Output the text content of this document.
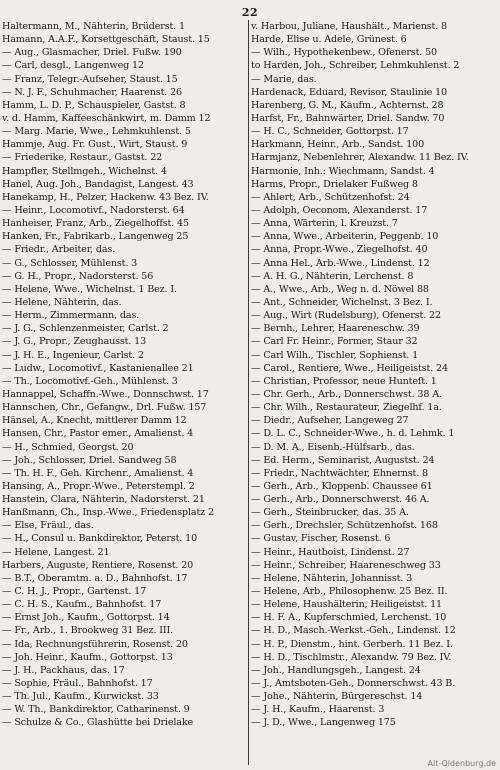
22
Haltermann, M., Nähterin, Brüderst. 1
Hamann, A.A.F., Korsettgeschäft, Staust. 15
— Aug., Glasmacher, Driel. Fußw. 190
— Carl, desgl., Langenweg 12
— Franz, Telegr.-Aufseher, Staust. 15
— N. J. F., Schuhmacher, Haarenst. 26
Hamm, L. D. P., Schauspieler, Gastst. 8
v. d. Hamm, Kaffeeschänkwirt, m. Damm 12
— Marg. Marie, Wwe., Lehmkuhlenst. 5
Hammje, Aug. Fr. Gust., Wirt, Staust. 9
— Friederike, Restaur., Gastst. 22
Hampfler, Stellmgeh., Wichelnst. 4
Hanel, Aug. Joh., Bandagist, Langest. 43
Hanekamp, H., Pelzer, Hackenw. 43 Bez. IV.
— Heinr., Locomotivf., Nadorsterst. 64
Hanheiser, Franz, Arb., Ziegelhoffst. 45
Hanken, Fr., Fabrikarb., Langenweg 25
— Friedr., Arbeiter, das.
— G., Schlosser, Mühlenst. 3
— G. H., Propr., Nadorsterst. 56
— Helene, Wwe., Wichelnst. 1 Bez. I.
— Helene, Nähterin, das.
— Herm., Zimmermann, das.
— J. G., Schlenzenmeister, Carlst. 2
— J. G., Propr., Zeughausst. 13
— J. H. E., Ingenieur, Carlst. 2
— Ludw., Locomotivf., Kastanienallee 21
— Th., Locomotivf.-Geh., Mühlenst. 3
Hannappel, Schaffn.-Wwe., Donnschwst. 17
Hannschen, Chr., Gefangw., Drl. Fußw. 157
Hänsel, A., Knecht, mittlerer Damm 12
Hansen, Chr., Pastor emer., Amalienst. 4
— H., Schmied, Georgst. 20
— Joh., Schlosser, Driel. Sandweg 58
— Th. H. F., Geh. Kirchenr., Amalienst. 4
Hansing, A., Propr.-Wwe., Peterstempl. 2
Hanstein, Clara, Nähterin, Nadorsterst. 21
Hanßmann, Ch., Insp.-Wwe., Friedensplatz 2
— Else, Fräul., das.
— H., Consul u. Bankdirektor, Peterst. 10
— Helene, Langest. 21
Harbers, Auguste, Rentiere, Rosenst. 20
— B.T., Oberamtm. a. D., Bahnhofst. 17
— C. H. J., Propr., Gartenst. 17
— C. H. S., Kaufm., Bahnhofst. 17
— Ernst Joh., Kaufm., Gottorpst. 14
— Fr., Arb., 1. Brookweg 31 Bez. III.
— Ida, Rechnungsführerin, Rosenst. 20
— Joh. Heinr., Kaufm., Gottorpst. 13
— J. H., Packhaus, das. 17
— Sophie, Fräul., Bahnhofst. 17
— Th. Jul., Kaufm., Kurwickst. 33
— W. Th., Bankdirektor, Catharinenst. 9
— Schulze & Co., Glashütte bei Drielake
v. Harbou, Juliane, Haushält., Marienst. 8
Harde, Elise u. Adele, Grünest. 6
— Wilh., Hypothekenbew., Ofenerst. 50
to Harden, Joh., Schreiber, Lehmkuhlenst. 2
— Marie, das.
Hardenack, Eduard, Revisor, Staulinie 10
Harenberg, G. M., Kaufm., Achternst. 28
Harfst, Fr., Bahnwärter, Driel. Sandw. 70
— H. C., Schneider, Gottorpst. 17
Harkmann, Heinr., Arb., Sandst. 100
Harmjanz, Nebenlehrer, Alexandw. 11 Bez. IV.
Harmonie, Inh.: Wiechmann, Sandst. 4
Harms, Propr., Drielaker Fußweg 8
— Ahlert, Arb., Schützenhofst. 24
— Adolph, Oeconom, Alexanderst. 17
— Anna, Wärterin, l. Kreuzst. 7
— Anna, Wwe., Arbeiterin, Peggenb. 10
— Anna, Propr.-Wwe., Ziegelhofst. 40
— Anna Hel., Arb.-Wwe., Lindenst. 12
— A. H. G., Nähterin, Lerchenst. 8
— A., Wwe., Arb., Weg n. d. Nöwel 88
— Ant., Schneider, Wichelnst. 3 Bez. I.
— Aug., Wirt (Rudelsburg), Ofenerst. 22
— Bernh., Lehrer, Haareneschw. 39
— Carl Fr. Heinr., Former, Staur 32
— Carl Wilh., Tischler, Sophienst. 1
— Carol., Rentiere, Wwe., Heiligeistst. 24
— Christian, Professor, neue Hunteſt. 1
— Chr. Gerh., Arb., Donnerschwst. 38 A.
— Chr. Wilh., Restaurateur, Ziegelhf. 1a.
— Diedr., Aufseher, Langeweg 27
— D. L. C., Schneider-Wwe., h. d. Lehmk. 1
— D. M. A., Eisenb.-Hülfsarb., das.
— Ed. Herm., Seminarist, Augustst. 24
— Friedr., Nachtwächter, Ehnernst. 8
— Gerh., Arb., Kloppenb. Chaussee 61
— Gerh., Arb., Donnerschwerst. 46 A.
— Gerh., Steinbrucker, das. 35 A.
— Gerh., Drechsler, Schützenhofst. 168
— Gustav, Fischer, Rosenst. 6
— Heinr., Hautboist, Lindenst. 27
— Heinr., Schreiber, Haareneschweg 33
— Helene, Nähterin, Johannisst. 3
— Helene, Arb., Philosophenw. 25 Bez. II.
— Helene, Haushälterin, Heiligeistst. 11
— H. F. A., Kupferschmied, Lerchenst. 10
— H. D., Masch.-Werkst.-Geh., Lindenst. 12
— H. P., Dienstm., hint. Gerberh. 11 Bez. I.
— H. D., Tischlmstr., Alexandw. 79 Bez. IV.
— Joh., Handlungsgeh., Langest. 24
— J., Amtsboten-Geh., Donnerschwst. 43 B.
— Johe., Nähterin, Bürgereschst. 14
— J. H., Kaufm., Haarenst. 3
— J. D., Wwe., Langenweg 175
Alt-Oldenburg.de
